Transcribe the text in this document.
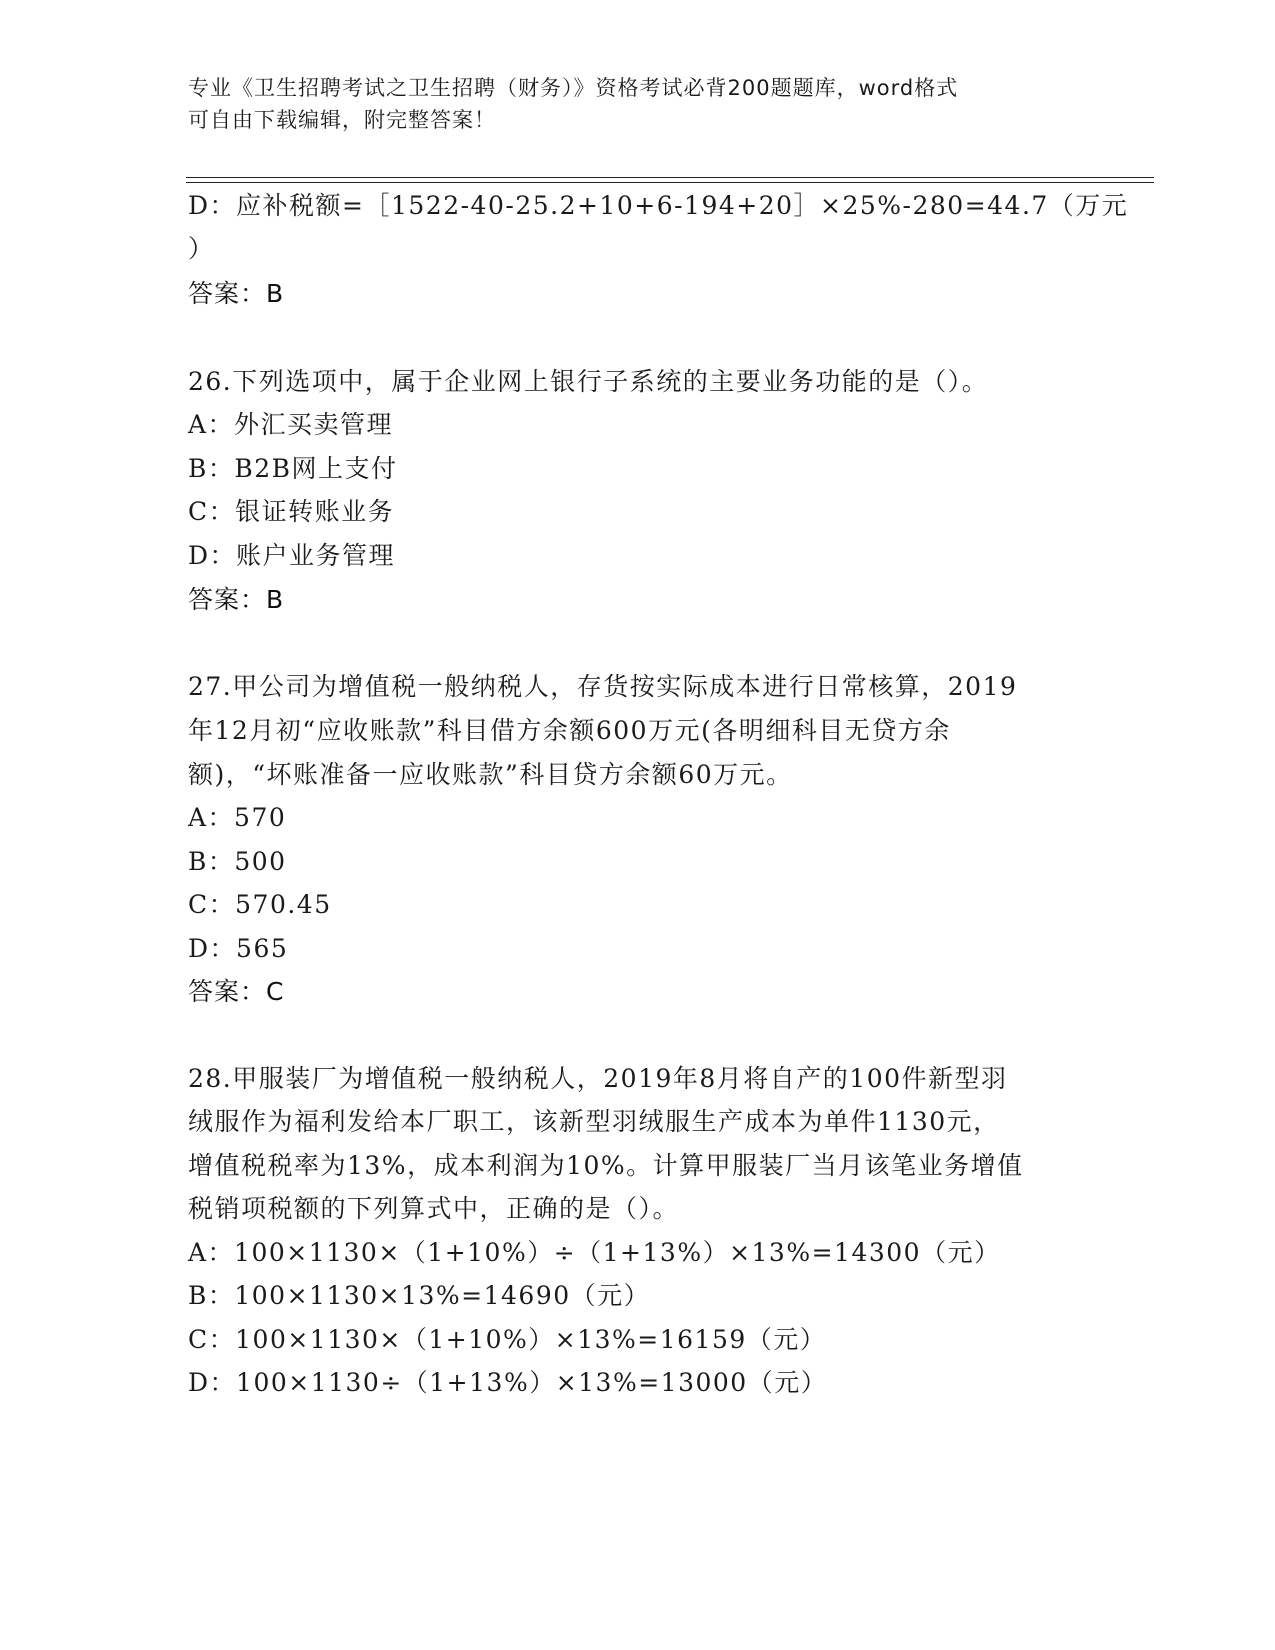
专业《卫生招聘考试之卫生招聘（财务）》资格考试必背200题题库，word格式
可自由下载编辑，附完整答案！
D：应补税额=［1522-40-25.2+10+6-194+20］×25%-280=44.7（万元
）
答案：B
26.下列选项中，属于企业网上银行子系统的主要业务功能的是（）。
A：外汇买卖管理
B：B2B网上支付
C：银证转账业务
D：账户业务管理
答案：B
27.甲公司为增值税一般纳税人，存货按实际成本进行日常核算，2019
年12月初“应收账款”科目借方余额600万元(各明细科目无贷方余
额)，“坏账准备一应收账款”科目贷方余额60万元。
A：570
B：500
C：570.45
D：565
答案：C
28.甲服装厂为增值税一般纳税人，2019年8月将自产的100件新型羽
绒服作为福利发给本厂职工，该新型羽绒服生产成本为单件1130元，
增值税税率为13%，成本利润为10%。计算甲服装厂当月该笔业务增值
税销项税额的下列算式中，正确的是（）。
A：100×1130×（1+10%）÷（1+13%）×13%=14300（元）
B：100×1130×13%=14690（元）
C：100×1130×（1+10%）×13%=16159（元）
D：100×1130÷（1+13%）×13%=13000（元）
